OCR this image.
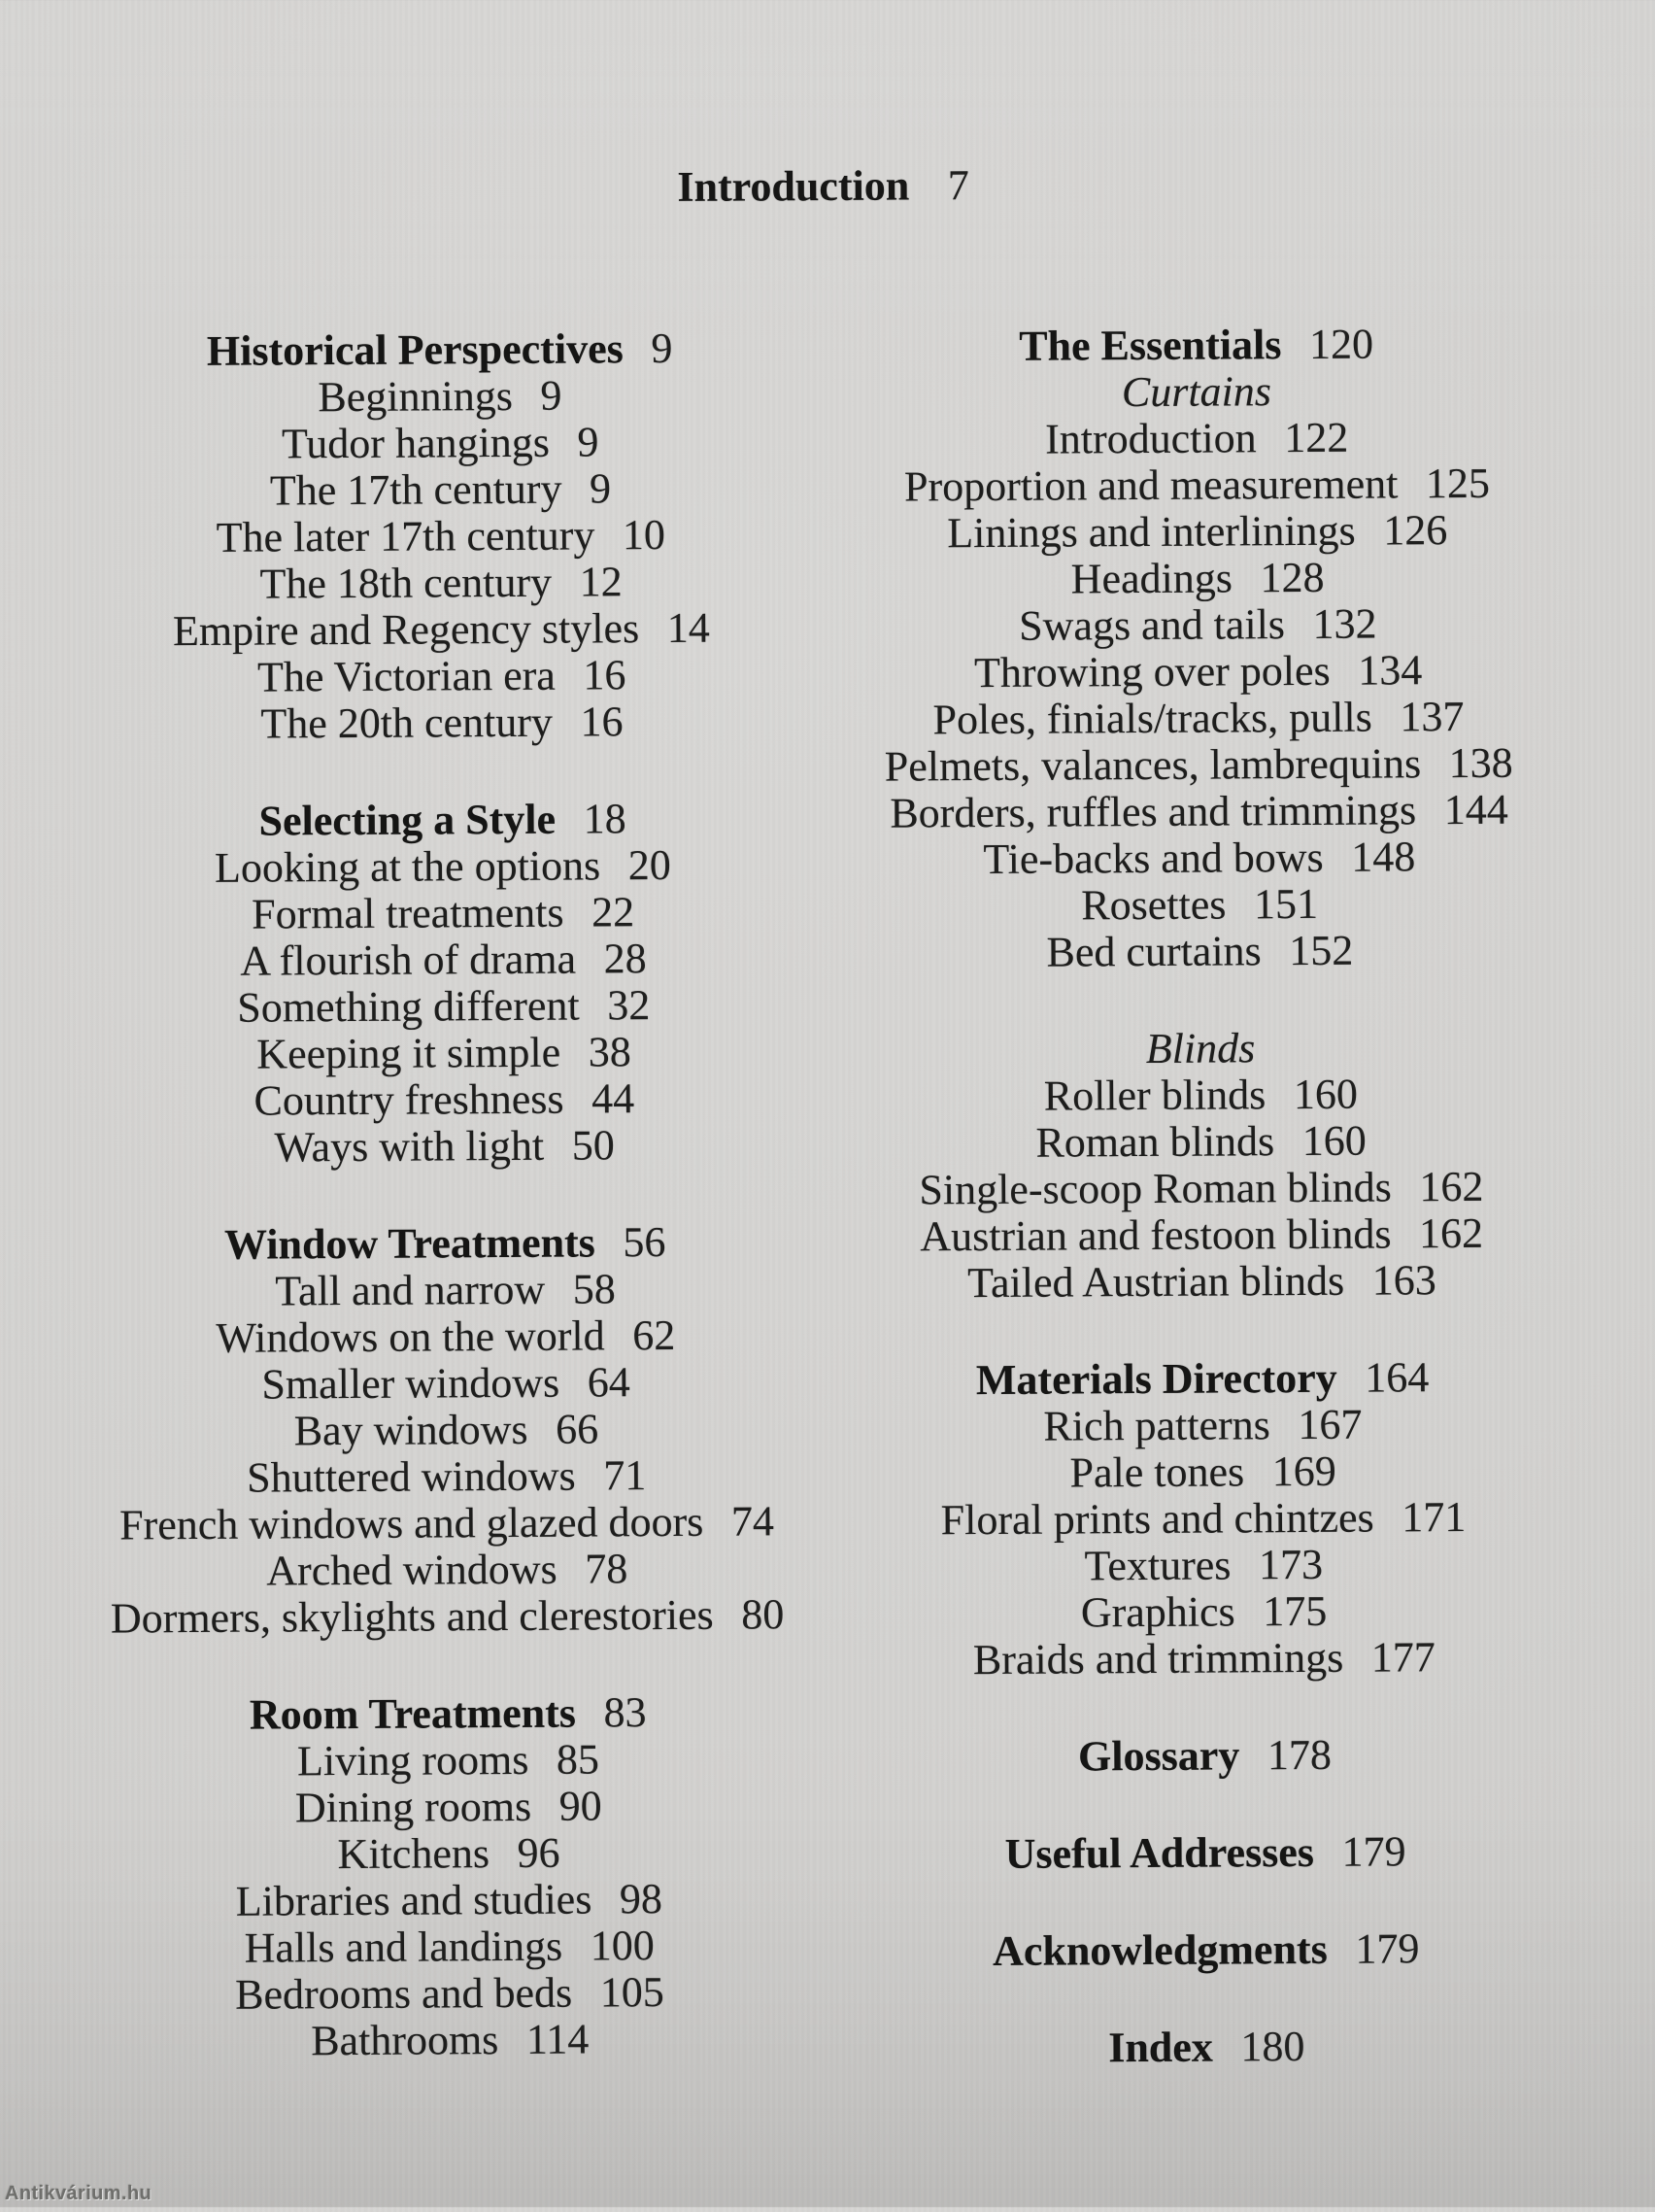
Introduction 7
Historical Perspectives 9
Beginnings 9
Tudor hangings 9
The 17th century 9
The later 17th century 10
The 18th century 12
Empire and Regency styles 14
The Victorian era 16
The 20th century 16
Selecting a Style 18
Looking at the options 20
Formal treatments 22
A flourish of drama 28
Something different 32
Keeping it simple 38
Country freshness 44
Ways with light 50
Window Treatments 56
Tall and narrow 58
Windows on the world 62
Smaller windows 64
Bay windows 66
Shuttered windows 71
French windows and glazed doors 74
Arched windows 78
Dormers, skylights and clerestories 80
Room Treatments 83
Living rooms 85
Dining rooms 90
Kitchens 96
Libraries and studies 98
Halls and landings 100
Bedrooms and beds 105
Bathrooms 114
The Essentials 120
Curtains
Introduction 122
Proportion and measurement 125
Linings and interlinings 126
Headings 128
Swags and tails 132
Throwing over poles 134
Poles, finials/tracks, pulls 137
Pelmets, valances, lambrequins 138
Borders, ruffles and trimmings 144
Tie-backs and bows 148
Rosettes 151
Bed curtains 152
Blinds
Roller blinds 160
Roman blinds 160
Single-scoop Roman blinds 162
Austrian and festoon blinds 162
Tailed Austrian blinds 163
Materials Directory 164
Rich patterns 167
Pale tones 169
Floral prints and chintzes 171
Textures 173
Graphics 175
Braids and trimmings 177
Glossary 178
Useful Addresses 179
Acknowledgments 179
Index 180
Antikvárium.hu
